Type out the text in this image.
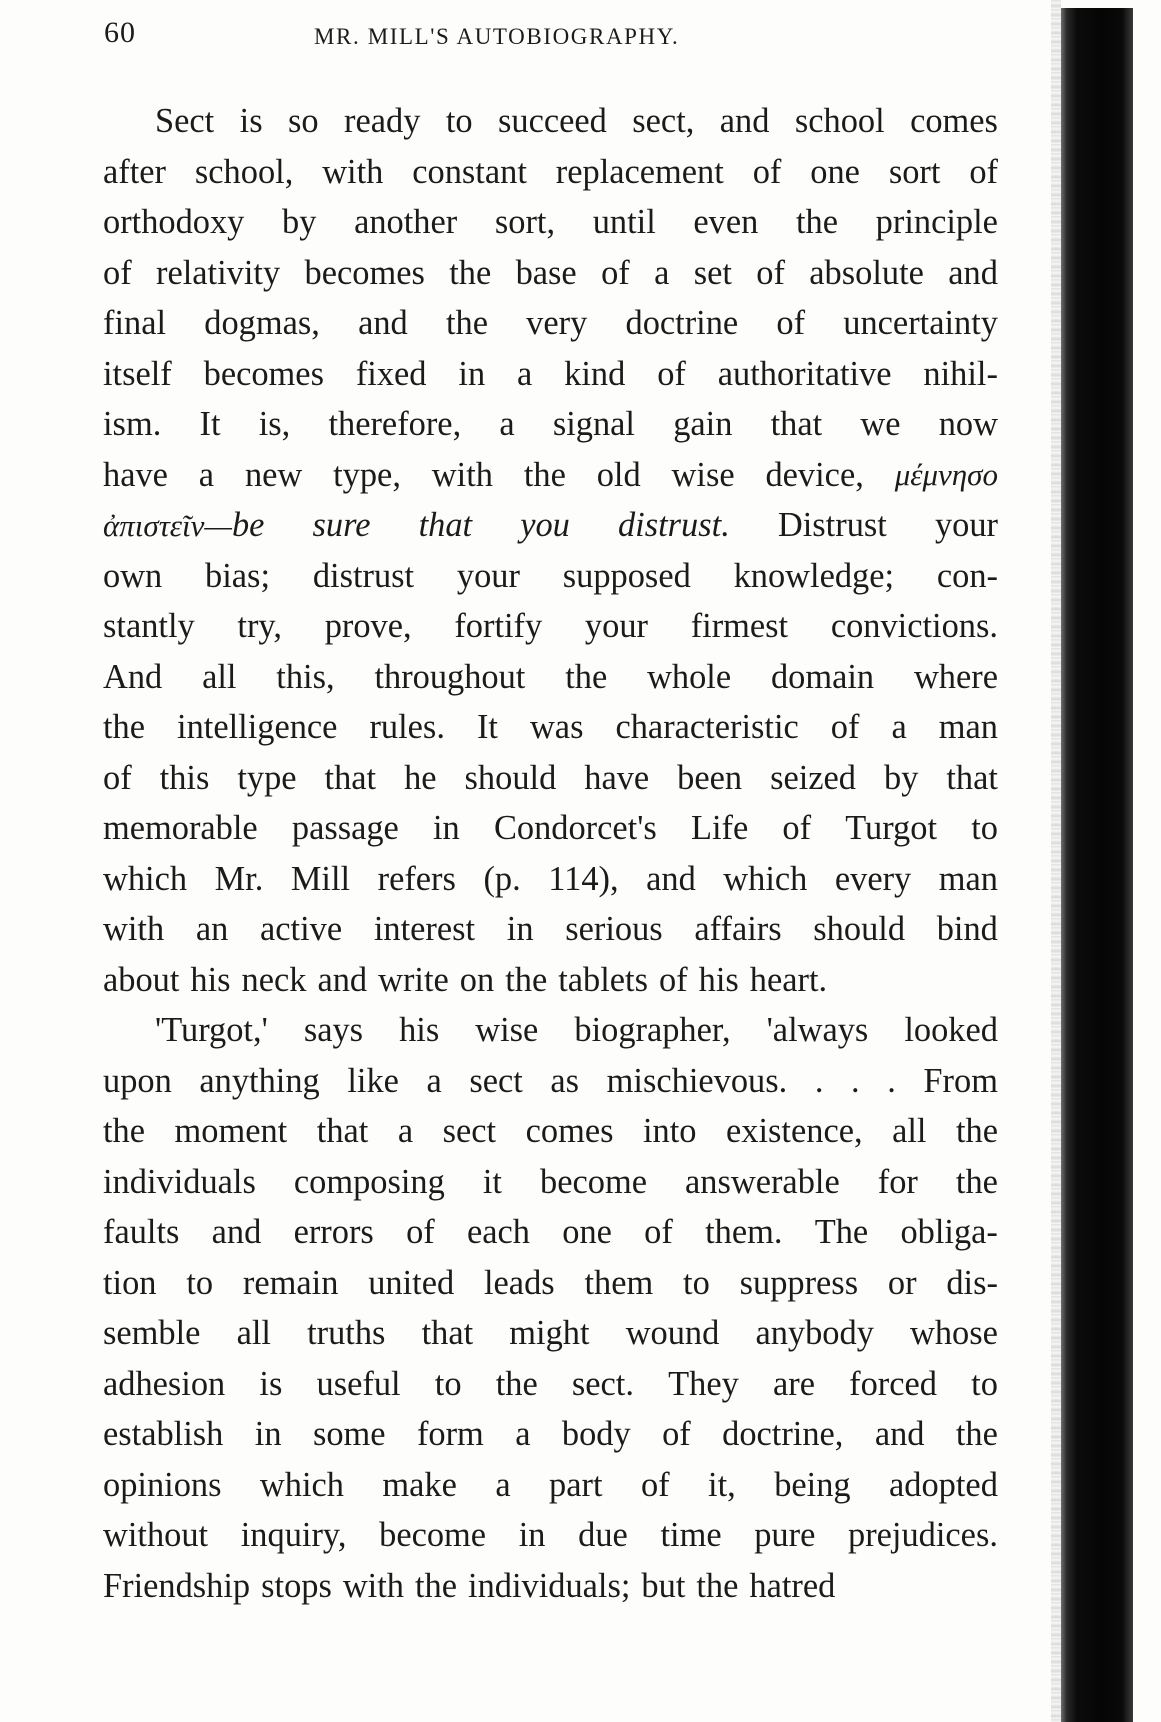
60	MR. MILL'S AUTOBIOGRAPHY.
Sect is so ready to succeed sect, and school comes
after school, with constant replacement of one sort of
orthodoxy by another sort, until even the principle
of relativity becomes the base of a set of absolute and
final dogmas, and the very doctrine of uncertainty
itself becomes fixed in a kind of authoritative nihil-
ism. It is, therefore, a signal gain that we now
have a new type, with the old wise device, μέμνησο
ἀπιστεῖν—be sure that you distrust. Distrust your
own bias; distrust your supposed knowledge; con-
stantly try, prove, fortify your firmest convictions.
And all this, throughout the whole domain where
the intelligence rules. It was characteristic of a man
of this type that he should have been seized by that
memorable passage in Condorcet's Life of Turgot to
which Mr. Mill refers (p. 114), and which every man
with an active interest in serious affairs should bind
about his neck and write on the tablets of his heart.
'Turgot,' says his wise biographer, 'always looked
upon anything like a sect as mischievous. . . . From
the moment that a sect comes into existence, all the
individuals composing it become answerable for the
faults and errors of each one of them. The obliga-
tion to remain united leads them to suppress or dis-
semble all truths that might wound anybody whose
adhesion is useful to the sect. They are forced to
establish in some form a body of doctrine, and the
opinions which make a part of it, being adopted
without inquiry, become in due time pure prejudices.
Friendship stops with the individuals; but the hatred
